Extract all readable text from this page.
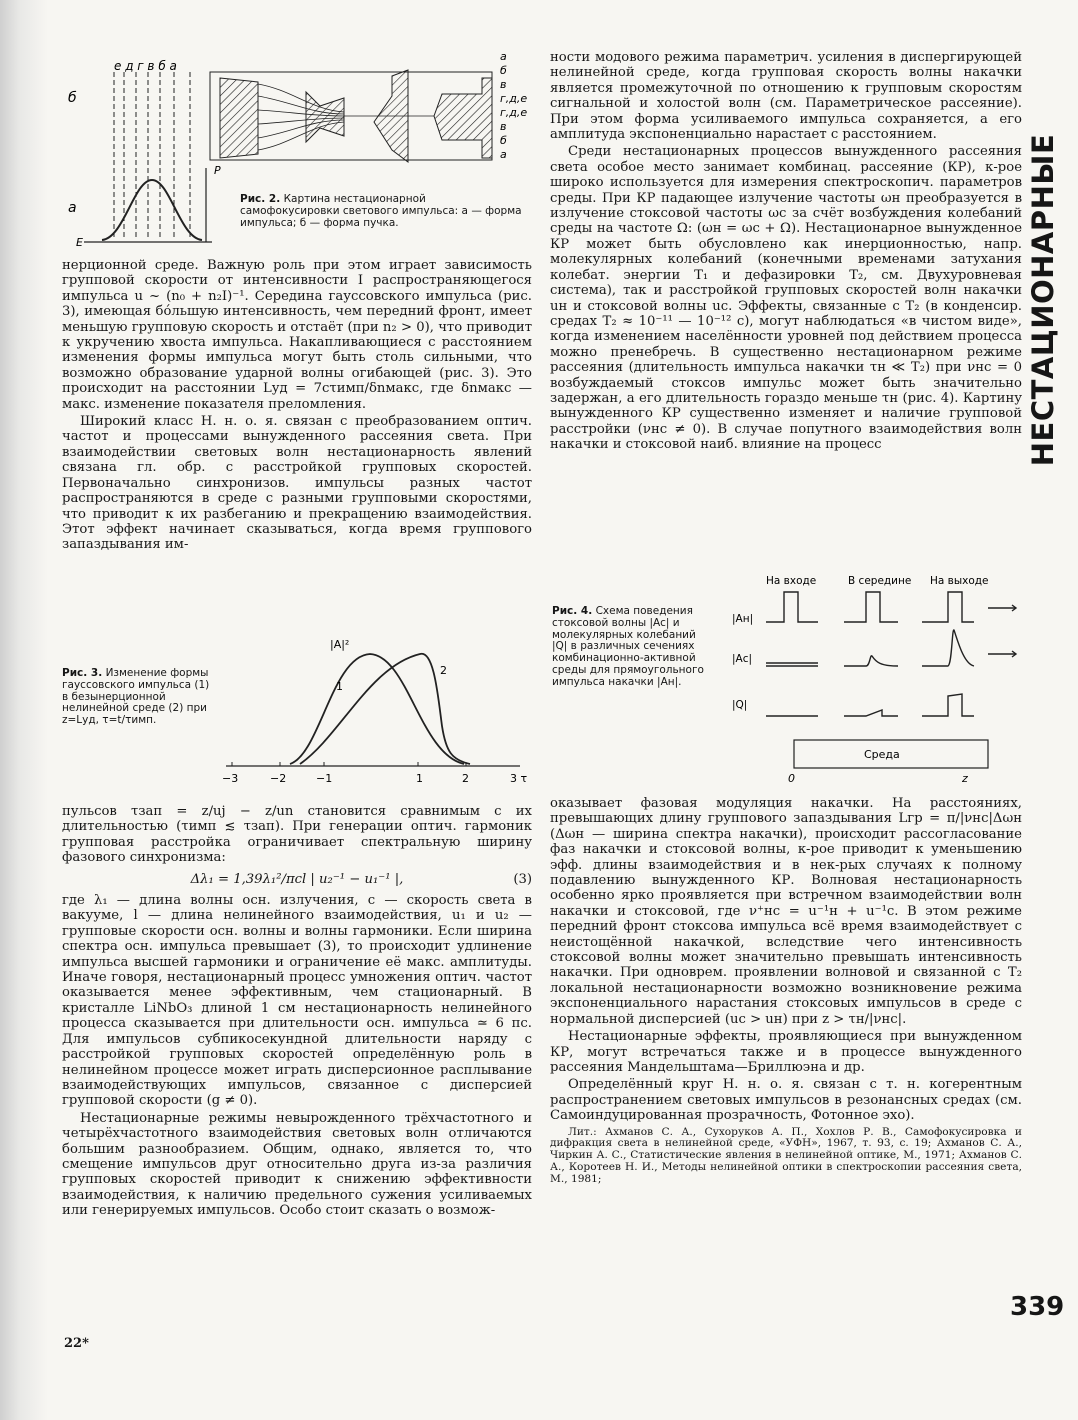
е д г в б а
б
а
P
E
а
б
в
г,д,е
г,д,е
в
б
а
Рис. 2. Картина нестационарной самофокусировки светового импульса: а — форма импульса; б — форма пучка.

нерционной среде. Важную роль при этом играет зависимость групповой скорости от интенсивности I распространяющегося импульса u ~ (n₀ + n₂I)⁻¹. Середина гауссовского импульса (рис. 3), имеющая бóльшую интенсивность, чем передний фронт, имеет меньшую групповую скорость и отстаёт (при n₂ > 0), что приводит к укручению хвоста импульса. Накапливающиеся с расстоянием изменения формы импульса могут быть столь сильными, что возможно образование ударной волны огибающей (рис. 3). Это происходит на расстоянии Lуд = 7cτимп/δnмакс, где δnмакс — макс. изменение показателя преломления.

Широкий класс Н. н. о. я. связан с преобразованием оптич. частот и процессами вынужденного рассеяния света. При взаимодействии световых волн нестационарность явлений связана гл. обр. с расстройкой групповых скоростей. Первоначально синхронизов. импульсы разных частот распространяются в среде с разными групповыми скоростями, что приводит к их разбеганию и прекращению взаимодействия. Этот эффект начинает сказываться, когда время группового запаздывания им-

Рис. 3. Изменение формы гауссовского импульса (1) в безынерционной нелинейной среде (2) при z=Lуд, τ=t/τимп.
|A|²
1
2
−3	−2	−1	1	2	3 τ

пульсов τзап = z/uj − z/un становится сравнимым с их длительностью (τимп ≲ τзап). При генерации оптич. гармоник групповая расстройка ограничивает спектральную ширину фазового синхронизма:

Δλ₁ = 1,39λ₁²/πcl | u₂⁻¹ − u₁⁻¹ |,	(3)

где λ₁ — длина волны осн. излучения, c — скорость света в вакууме, l — длина нелинейного взаимодействия, u₁ и u₂ — групповые скорости осн. волны и волны гармоники. Если ширина спектра осн. импульса превышает (3), то происходит удлинение импульса высшей гармоники и ограничение её макс. амплитуды. Иначе говоря, нестационарный процесс умножения оптич. частот оказывается менее эффективным, чем стационарный. В кристалле LiNbO₃ длиной 1 см нестационарность нелинейного процесса сказывается при длительности осн. импульса ≃ 6 пс. Для импульсов субпикосекундной длительности наряду с расстройкой групповых скоростей определённую роль в нелинейном процессе может играть дисперсионное расплывание взаимодействующих импульсов, связанное с дисперсией групповой скорости (g ≠ 0).

Нестационарные режимы невырожденного трёхчастотного и четырёхчастотного взаимодействия световых волн отличаются большим разнообразием. Общим, однако, является то, что смещение импульсов друг относительно друга из-за различия групповых скоростей приводит к снижению эффективности взаимодействия, к наличию предельного сужения усиливаемых или генерируемых импульсов. Особо стоит сказать о возмож-

ности модового режима параметрич. усиления в диспергирующей нелинейной среде, когда групповая скорость волны накачки является промежуточной по отношению к групповым скоростям сигнальной и холостой волн (см. Параметрическое рассеяние). При этом форма усиливаемого импульса сохраняется, а его амплитуда экспоненциально нарастает с расстоянием.

Среди нестационарных процессов вынужденного рассеяния света особое место занимает комбинац. рассеяние (КР), к-рое широко используется для измерения спектроскопич. параметров среды. При КР падающее излучение частоты ωн преобразуется в излучение стоксовой частоты ωс за счёт возбуждения колебаний среды на частоте Ω: (ωн = ωс + Ω). Нестационарное вынужденное КР может быть обусловлено как инерционностью, напр. молекулярных колебаний (конечными временами затухания колебат. энергии T₁ и дефазировки T₂, см. Двухуровневая система), так и расстройкой групповых скоростей волн накачки uн и стоксовой волны uс. Эффекты, связанные с T₂ (в конденсир. средах T₂ ≈ 10⁻¹¹ — 10⁻¹² с), могут наблюдаться «в чистом виде», когда изменением населённости уровней под действием процесса можно пренебречь. В существенно нестационарном режиме рассеяния (длительность импульса накачки τн ≪ T₂) при νнс = 0 возбуждаемый стоксов импульс может быть значительно задержан, а его длительность гораздо меньше τн (рис. 4). Картину вынужденного КР существенно изменяет и наличие групповой расстройки (νнс ≠ 0). В случае попутного взаимодействия волн накачки и стоксовой наиб. влияние на процесс

Рис. 4. Схема поведения стоксовой волны |Aс| и молекулярных колебаний |Q| в различных сечениях комбинационно-активной среды для прямоугольного импульса накачки |Aн|.
На входе	В середине На выходе
|Aн|
|Aс|
|Q|
Среда
0	z

оказывает фазовая модуляция накачки. На расстояниях, превышающих длину группового запаздывания Lгр = π/|νнс|Δωн (Δωн — ширина спектра накачки), происходит рассогласование фаз накачки и стоксовой волны, к-рое приводит к уменьшению эфф. длины взаимодействия и в нек-рых случаях к полному подавлению вынужденного КР. Волновая нестационарность особенно ярко проявляется при встречном взаимодействии волн накачки и стоксовой, где ν⁺нс = u⁻¹н + u⁻¹с. В этом режиме передний фронт стоксова импульса всё время взаимодействует с неистощённой накачкой, вследствие чего интенсивность стоксовой волны может значительно превышать интенсивность накачки. При одноврем. проявлении волновой и связанной с T₂ локальной нестационарности возможно возникновение режима экспоненциального нарастания стоксовых импульсов в среде с нормальной дисперсией (uс > uн) при z > τн/|νнс|.

Нестационарные эффекты, проявляющиеся при вынужденном КР, могут встречаться также и в процессе вынужденного рассеяния Мандельштама—Бриллюэна и др.

Определённый круг Н. н. о. я. связан с т. н. когерентным распространением световых импульсов в резонансных средах (см. Самоиндуцированная прозрачность, Фотонное эхо).

Лит.: Ахманов С. А., Сухоруков А. П., Хохлов Р. В., Самофокусировка и дифракция света в нелинейной среде, «УФН», 1967, т. 93, с. 19; Ахманов С. А., Чиркин А. С., Статистические явления в нелинейной оптике, М., 1971; Ахманов С. А., Коротеев Н. И., Методы нелинейной оптики в спектроскопии рассеяния света, М., 1981;

НЕСТАЦИОНАРНЫЕ
339
22*
